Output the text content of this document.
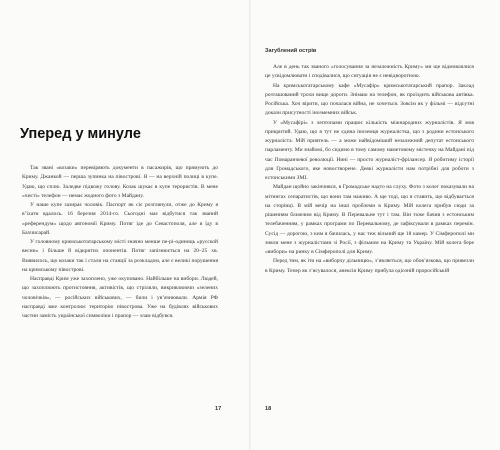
Уперед у минуле

Так звані «козаки» перевіряють документи в пасажирів, що прямують до Криму. Джанкой — перша зупинка на півострові. Я — на верхній полиці в купе. Удаю, що сплю. Заледве підвожу голову. Козак шукає в купе терористів. В мене «чисті» телефон — немає жодного фото з Майдану.

У наше купе зазирає чоловік. Паспорт як сіє розглянули, отже до Криму я в’їхати вдалось. 16 березня 2014-го. Сьогодні має відбутися так званий «референдум» щодо автономії Криму. Потяг іде до Севастополя, але я їду в Бахчисарай.

У головному кримськотатарському місті значно менше пе-рі-одиниць «русской весни» і більше й відкритих опонентів. Потяг запізнюється на 20–25 хв. Виявилось, що козаки так і стали на станції за розкладом, але є великі порушення на кримському півострові.

Насправді Крим уже захоплено, уже окуповано. Найбільше на вибори. Людей, що захоплюють протистояння, активістів, що стріляли, викривлюючи «зелених чоловічків», — російських військових, — били і ув’язнювали. Армія РФ насправді вже контролює територію півострова. Уже на будівлях військових частин замість української символіки і прапор — злам відбувся.

17
Загублений острів

Але в день так званого «голосування за незалежність Криму» ми ще відмовлялися це усвідомлювати і сподівалися, що ситуація не є невідворотною.

На кримськотатарському кафе «Мусафір» кримськотатарський прапор. Заклад розташований трохи вище дороги. Знімаю на телефон, як проїздить військова автівка. Російська. Хоч вірити, що почалася війна, не хочеться. Зовсім як у фільмі — відсутні докази присутності інозмемних військ.

У «Мусафірі» з лептопами працює кількість міжнародних журналістів. Я мов прикритий. Удаю, що я тут не єдина іноземця журналістка, що з родини естонського журналіста. Мій приятель — а може найвідоміший незалежний депутат естонського парламенту. Ми знайомі, бо сидимо в тому самому наметовому містечку на Майдані під час Помаранчевої революції. Нині — просто журналіст-фрілансер. Я робитиму історії для Громадського, яке новостворене. Деякі журналісти нам потрібні для роботи з естонськими ЗМІ.

Майдан щойно закінчився, в Громадське надто на слуху. Фото з колег показували на мітингах сепаратистів, що вони там наживо. А ще тоді, що я ставить, що відбувається на сторінці. В мій вечір на інші проблеми в Криму. Мій колега прибув сюди за рішенням ближчим від Криму. В Перевальне тут і там. Він тоже бачив з естонським телебаченням, у рамках програми по Перевальному, де зафіксували в рамках перемін. Сусід — дорогою, з ким я бачилась, у нас теж вільний ще 18 камер. У Сімферополі ми зняли мене з журналістами зі Росії, з фільмом на Криму та Україну. Мій колега бере «вибори» на ринку в Сімферополі для Криму.

Перед тим, як іти на «виборчу дільницю», з’являється, що обов’язкова, що привезли в Криму. Тепер як з’ясувалося, анексія Криму прибула одіозній проросійській

18
